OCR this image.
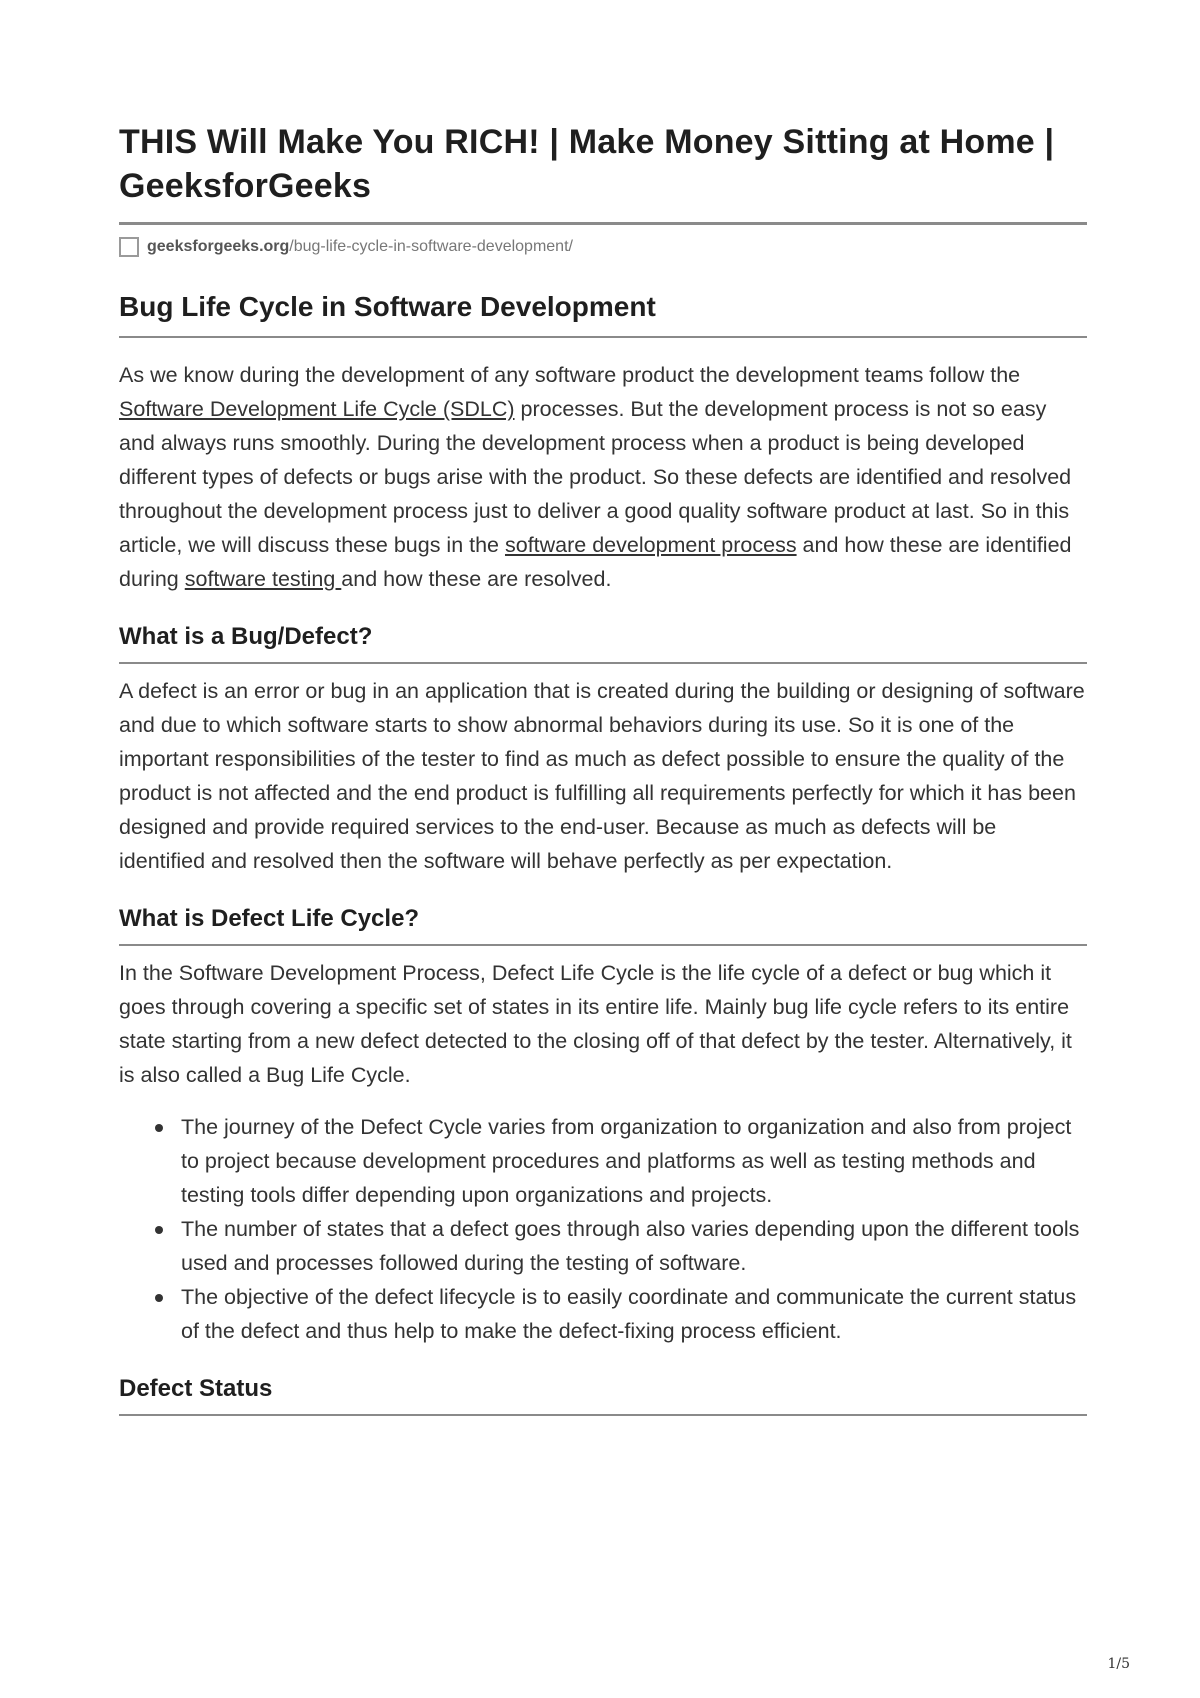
THIS Will Make You RICH! | Make Money Sitting at Home | GeeksforGeeks
geeksforgeeks.org /bug-life-cycle-in-software-development/
Bug Life Cycle in Software Development

As we know during the development of any software product the development teams follow the Software Development Life Cycle (SDLC) processes. But the development process is not so easy and always runs smoothly. During the development process when a product is being developed different types of defects or bugs arise with the product. So these defects are identified and resolved throughout the development process just to deliver a good quality software product at last. So in this article, we will discuss these bugs in the software development process and how these are identified during software testing and how these are resolved.

What is a Bug/Defect?

A defect is an error or bug in an application that is created during the building or designing of software and due to which software starts to show abnormal behaviors during its use. So it is one of the important responsibilities of the tester to find as much as defect possible to ensure the quality of the product is not affected and the end product is fulfilling all requirements perfectly for which it has been designed and provide required services to the end-user. Because as much as defects will be identified and resolved then the software will behave perfectly as per expectation.

What is Defect Life Cycle?

In the Software Development Process, Defect Life Cycle is the life cycle of a defect or bug which it goes through covering a specific set of states in its entire life. Mainly bug life cycle refers to its entire state starting from a new defect detected to the closing off of that defect by the tester. Alternatively, it is also called a Bug Life Cycle.

The journey of the Defect Cycle varies from organization to organization and also from project to project because development procedures and platforms as well as testing methods and testing tools differ depending upon organizations and projects.
The number of states that a defect goes through also varies depending upon the different tools used and processes followed during the testing of software.
The objective of the defect lifecycle is to easily coordinate and communicate the current status of the defect and thus help to make the defect-fixing process efficient.
Defect Status
1/5
